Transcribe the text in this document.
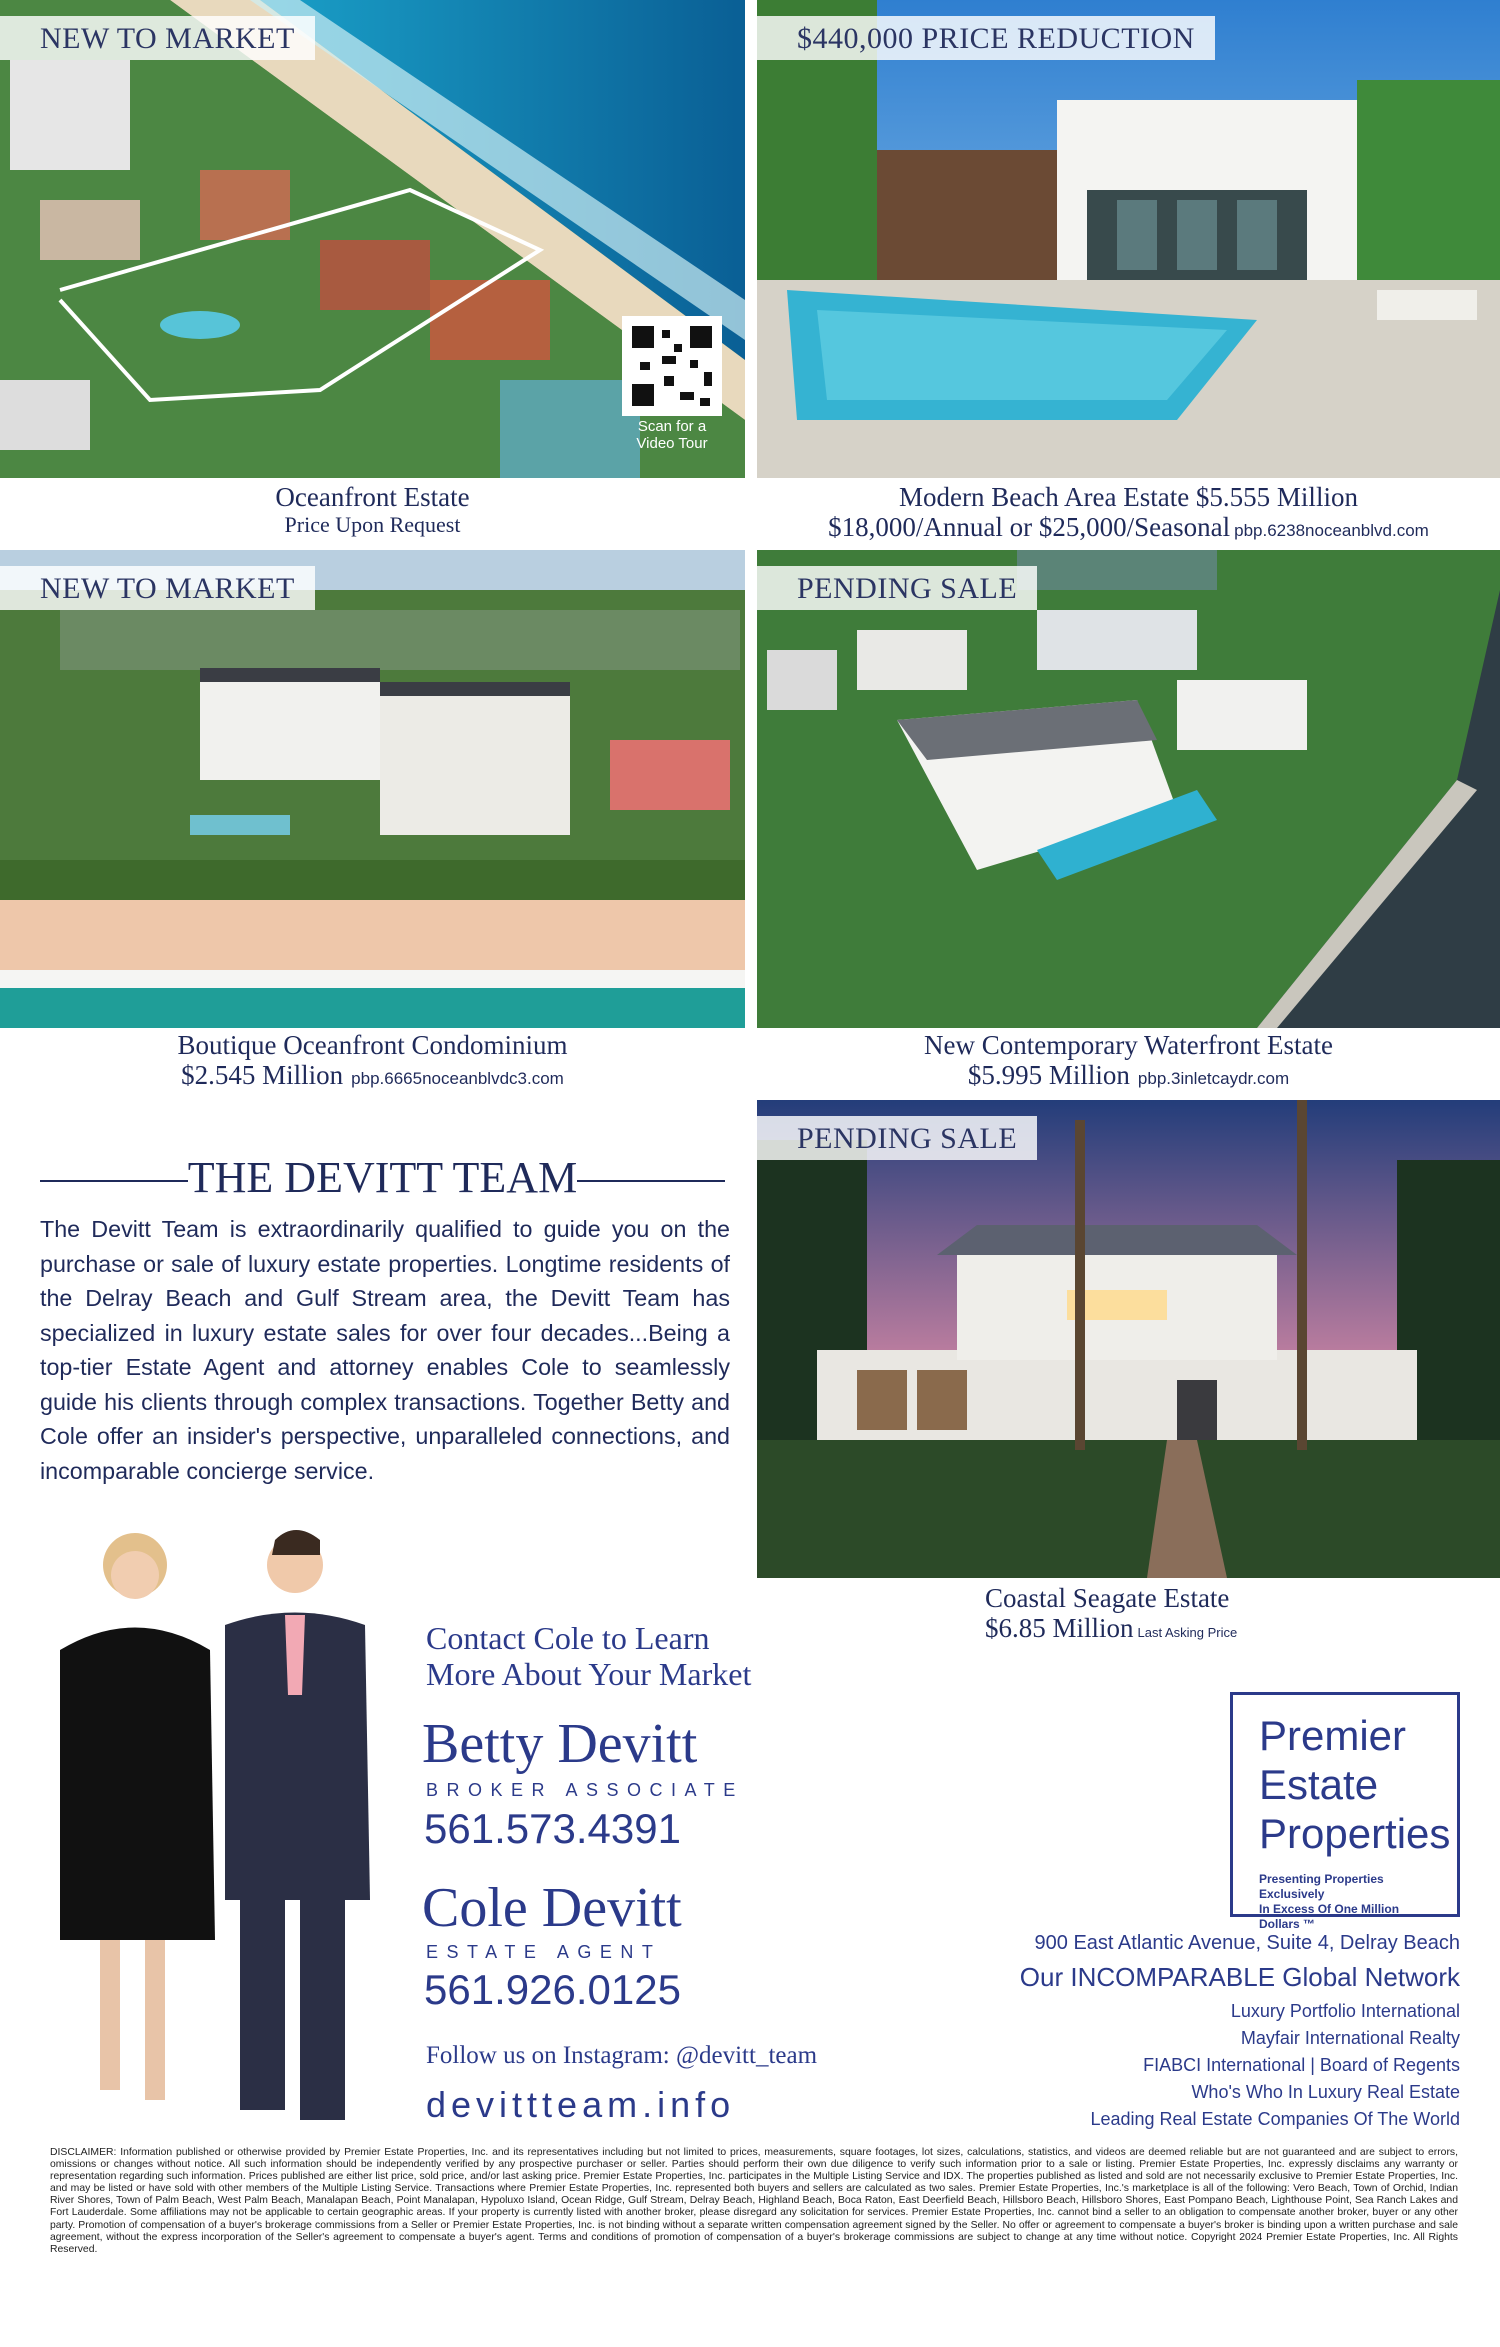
NEW TO MARKET
Scan for a Video Tour
Oceanfront Estate
Price Upon Request
$440,000 PRICE REDUCTION
Modern Beach Area Estate $5.555 Million
$18,000/Annual or $25,000/Seasonal pbp.6238noceanblvd.com
NEW TO MARKET
Boutique Oceanfront Condominium
$2.545 Million pbp.6665noceanblvdc3.com
PENDING SALE
New Contemporary Waterfront Estate
$5.995 Million pbp.3inletcaydr.com
PENDING SALE
Coastal Seagate Estate
$6.85 Million Last Asking Price
THE DEVITT TEAM
The Devitt Team is extraordinarily qualified to guide you on the purchase or sale of luxury estate properties. Longtime residents of the Delray Beach and Gulf Stream area, the Devitt Team has specialized in luxury estate sales for over four decades...Being a top-tier Estate Agent and attorney enables Cole to seamlessly guide his clients through complex transactions. Together Betty and Cole offer an insider's perspective, unparalleled connections, and incomparable concierge service.
Contact Cole to Learn
More About Your Market
Betty Devitt
BROKER ASSOCIATE
561.573.4391
Cole Devitt
ESTATE AGENT
561.926.0125
Follow us on Instagram: @devitt_team
devittteam.info
Premier
Estate
Properties
Presenting Properties Exclusively
In Excess Of One Million Dollars ™
900 East Atlantic Avenue, Suite 4, Delray Beach
Our INCOMPARABLE Global Network
Luxury Portfolio International
Mayfair International Realty
FIABCI International | Board of Regents
Who's Who In Luxury Real Estate
Leading Real Estate Companies Of The World
DISCLAIMER: Information published or otherwise provided by Premier Estate Properties, Inc. and its representatives including but not limited to prices, measurements, square footages, lot sizes, calculations, statistics, and videos are deemed reliable but are not guaranteed and are subject to errors, omissions or changes without notice. All such information should be independently verified by any prospective purchaser or seller. Parties should perform their own due diligence to verify such information prior to a sale or listing. Premier Estate Properties, Inc. expressly disclaims any warranty or representation regarding such information. Prices published are either list price, sold price, and/or last asking price. Premier Estate Properties, Inc. participates in the Multiple Listing Service and IDX. The properties published as listed and sold are not necessarily exclusive to Premier Estate Properties, Inc. and may be listed or have sold with other members of the Multiple Listing Service. Transactions where Premier Estate Properties, Inc. represented both buyers and sellers are calculated as two sales. Premier Estate Properties, Inc.'s marketplace is all of the following: Vero Beach, Town of Orchid, Indian River Shores, Town of Palm Beach, West Palm Beach, Manalapan Beach, Point Manalapan, Hypoluxo Island, Ocean Ridge, Gulf Stream, Delray Beach, Highland Beach, Boca Raton, East Deerfield Beach, Hillsboro Beach, Hillsboro Shores, East Pompano Beach, Lighthouse Point, Sea Ranch Lakes and Fort Lauderdale. Some affiliations may not be applicable to certain geographic areas. If your property is currently listed with another broker, please disregard any solicitation for services. Premier Estate Properties, Inc. cannot bind a seller to an obligation to compensate another broker, buyer or any other party. Promotion of compensation of a buyer's brokerage commissions from a Seller or Premier Estate Properties, Inc. is not binding without a separate written compensation agreement signed by the Seller. No offer or agreement to compensate a buyer's broker is binding upon a written purchase and sale agreement, without the express incorporation of the Seller's agreement to compensate a buyer's agent. Terms and conditions of promotion of compensation of a buyer's brokerage commissions are subject to change at any time without notice. Copyright 2024 Premier Estate Properties, Inc. All Rights Reserved.
